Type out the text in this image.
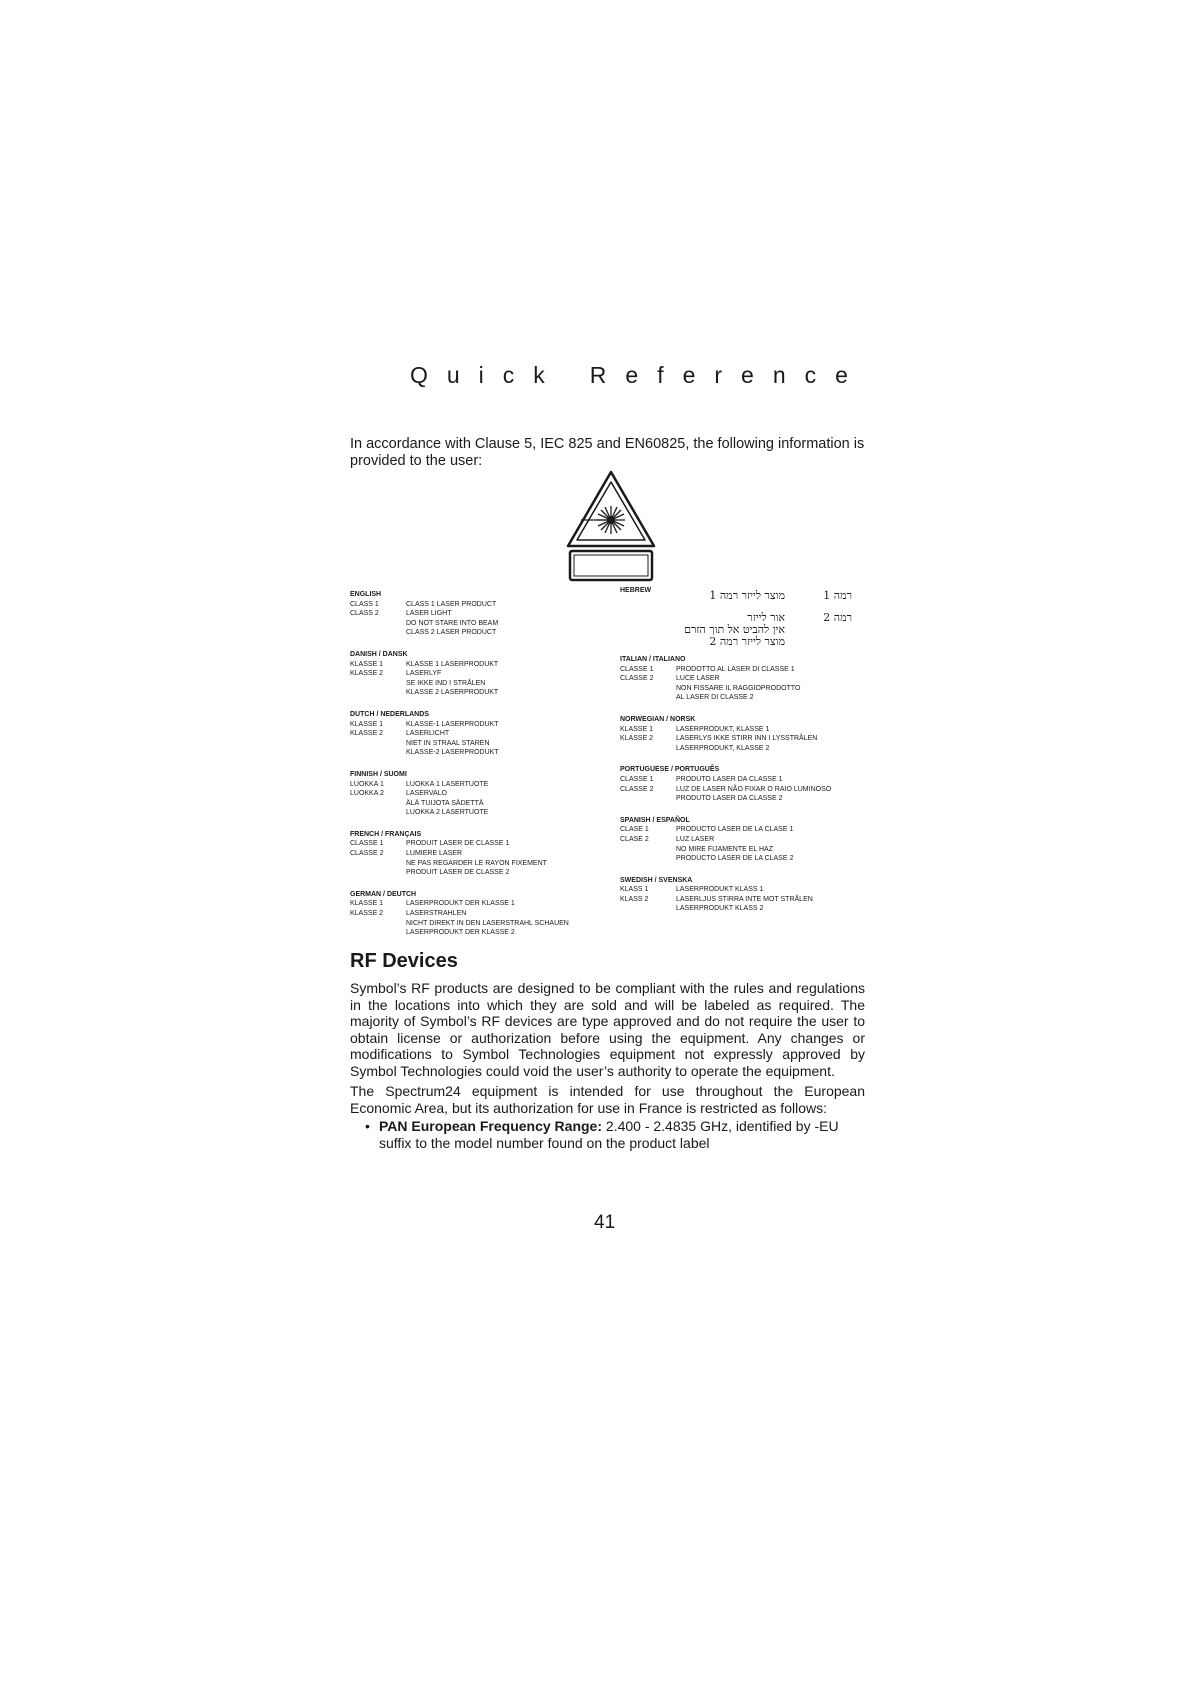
Quick Reference
In accordance with Clause 5, IEC 825 and EN60825, the following information is provided to the user:
ENGLISH
CLASS 1	CLASS 1 LASER PRODUCT
CLASS 2	LASER LIGHT
DO NOT STARE INTO BEAM
CLASS 2 LASER PRODUCT
DANISH / DANSK
KLASSE 1	KLASSE 1 LASERPRODUKT
KLASSE 2	LASERLYF
SE IKKE IND I STRÅLEN
KLASSE 2 LASERPRODUKT
DUTCH / NEDERLANDS
KLASSE 1	KLASSE-1 LASERPRODUKT
KLASSE 2	LASERLICHT
NIET IN STRAAL STAREN
KLASSE-2 LASERPRODUKT
FINNISH / SUOMI
LUOKKA 1	LUOKKA 1 LASERTUOTE
LUOKKA 2	LASERVALO
ÄLÄ TUIJOTA SÄDETTÄ
LUOKKA 2 LASERTUOTE
FRENCH / FRANÇAIS
CLASSE 1	PRODUIT LASER DE CLASSE 1
CLASSE 2	LUMIERE LASER
NE PAS REGARDER LE RAYON FIXEMENT
PRODUIT LASER DE CLASSE 2
GERMAN / DEUTCH
KLASSE 1	LASERPRODUKT DER KLASSE 1
KLASSE 2	LASERSTRAHLEN
NICHT DIREKT IN DEN LASERSTRAHL SCHAUEN
LASERPRODUKT DER KLASSE 2
HEBREW	מוצר לייזר רמה 1	רמה 1
אור לייזר	רמה 2
אין להביט אל תוך הזרם
מוצר לייזר רמה 2
ITALIAN / ITALIANO
CLASSE 1	PRODOTTO AL LASER DI CLASSE 1
CLASSE 2	LUCE LASER
NON FISSARE IL RAGGIOPRODOTTO
AL LASER DI CLASSE 2
NORWEGIAN / NORSK
KLASSE 1	LASERPRODUKT, KLASSE 1
KLASSE 2	LASERLYS IKKE STIRR INN I LYSSTRÅLEN
LASERPRODUKT, KLASSE 2
PORTUGUESE / PORTUGUÊS
CLASSE 1	PRODUTO LASER DA CLASSE 1
CLASSE 2	LUZ DE LASER NÃO FIXAR O RAIO LUMINOSO
PRODUTO LASER DA CLASSE 2
SPANISH / ESPAÑOL
CLASE 1	PRODUCTO LASER DE LA CLASE 1
CLASE 2	LUZ LASER
NO MIRE FIJAMENTE EL HAZ
PRODUCTO LASER DE LA CLASE 2
SWEDISH / SVENSKA
KLASS 1	LASERPRODUKT KLASS 1
KLASS 2	LASERLJUS STIRRA INTE MOT STRÅLEN
LASERPRODUKT KLASS 2
RF Devices
Symbol’s RF products are designed to be compliant with the rules and regulations in the locations into which they are sold and will be labeled as required. The majority of Symbol’s RF devices are type approved and do not require the user to obtain license or authorization before using the equipment. Any changes or modifications to Symbol Technologies equipment not expressly approved by Symbol Technologies could void the user’s authority to operate the equipment.
The Spectrum24 equipment is intended for use throughout the European Economic Area, but its authorization for use in France is restricted as follows:
• PAN European Frequency Range: 2.400 - 2.4835 GHz, identified by -EU suffix to the model number found on the product label
41
